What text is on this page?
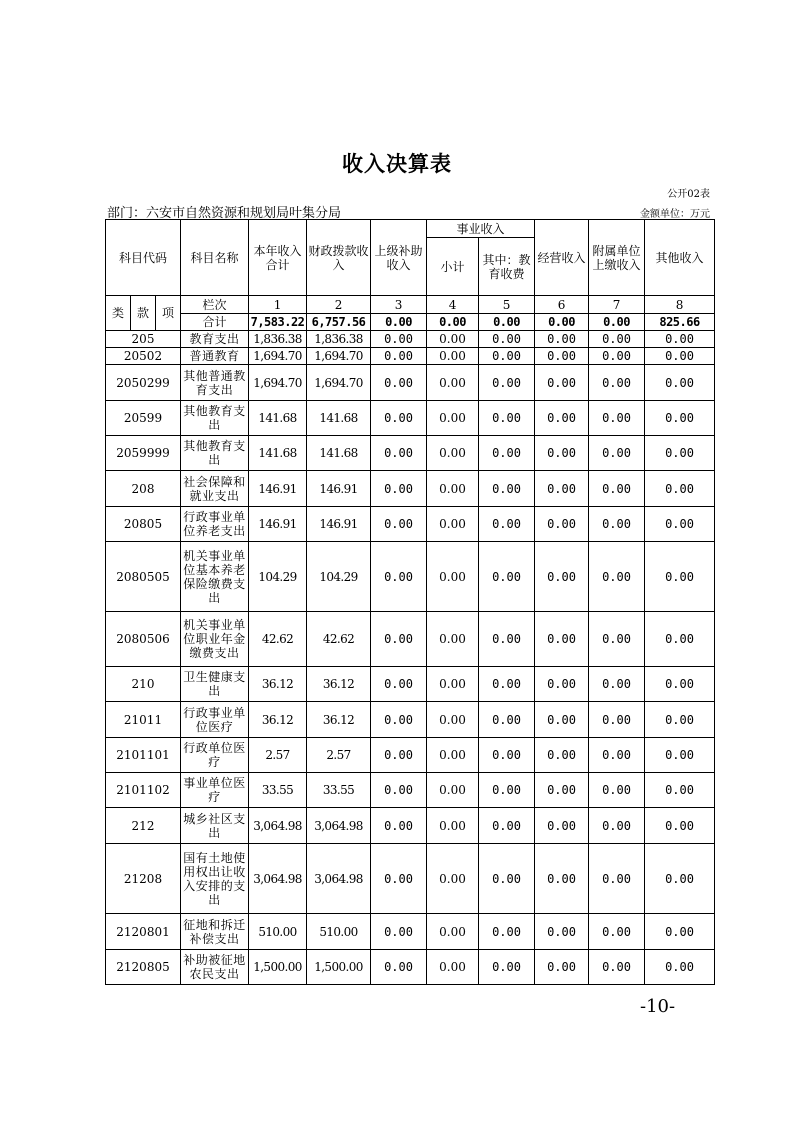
收入决算表
公开02表
部门：六安市自然资源和规划局叶集分局	金额单位：万元
科目代码			科目名称	本年收入合计	财政拨款收入	上级补助收入	事业收入		经营收入	附属单位上缴收入	其他收入
							小计	其中：教育收费			
类	款	项	栏次	1	2	3	4	5	6	7	8
			合计	7,583.22	6,757.56	0.00	0.00	0.00	0.00	0.00	825.66
205			教育支出	1,836.38	1,836.38	0.00	0.00	0.00	0.00	0.00	0.00
20502			普通教育	1,694.70	1,694.70	0.00	0.00	0.00	0.00	0.00	0.00
2050299			其他普通教育支出	1,694.70	1,694.70	0.00	0.00	0.00	0.00	0.00	0.00
20599			其他教育支出	141.68	141.68	0.00	0.00	0.00	0.00	0.00	0.00
2059999			其他教育支出	141.68	141.68	0.00	0.00	0.00	0.00	0.00	0.00
208			社会保障和就业支出	146.91	146.91	0.00	0.00	0.00	0.00	0.00	0.00
20805			行政事业单位养老支出	146.91	146.91	0.00	0.00	0.00	0.00	0.00	0.00
2080505			机关事业单位基本养老保险缴费支出	104.29	104.29	0.00	0.00	0.00	0.00	0.00	0.00
2080506			机关事业单位职业年金缴费支出	42.62	42.62	0.00	0.00	0.00	0.00	0.00	0.00
210			卫生健康支出	36.12	36.12	0.00	0.00	0.00	0.00	0.00	0.00
21011			行政事业单位医疗	36.12	36.12	0.00	0.00	0.00	0.00	0.00	0.00
2101101			行政单位医疗	2.57	2.57	0.00	0.00	0.00	0.00	0.00	0.00
2101102			事业单位医疗	33.55	33.55	0.00	0.00	0.00	0.00	0.00	0.00
212			城乡社区支出	3,064.98	3,064.98	0.00	0.00	0.00	0.00	0.00	0.00
21208			国有土地使用权出让收入安排的支出	3,064.98	3,064.98	0.00	0.00	0.00	0.00	0.00	0.00
2120801			征地和拆迁补偿支出	510.00	510.00	0.00	0.00	0.00	0.00	0.00	0.00
2120805			补助被征地农民支出	1,500.00	1,500.00	0.00	0.00	0.00	0.00	0.00	0.00
-10-
